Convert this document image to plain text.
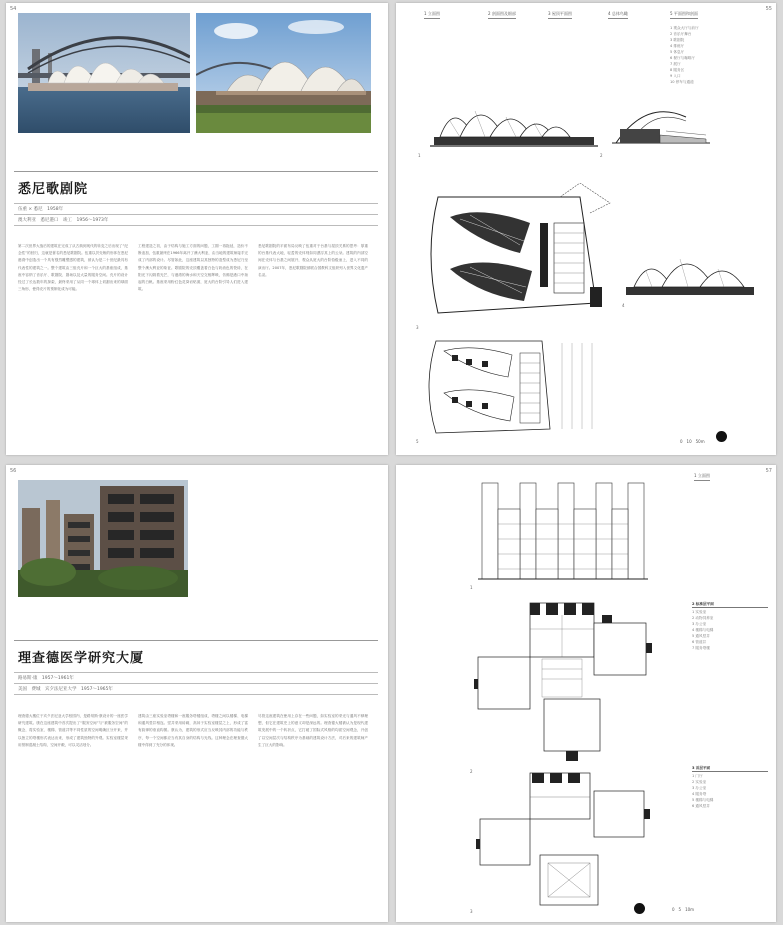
54
悉尼歌剧院
伍重 × 悉尼　1958年
澳大利亚　悉尼港口　竣工　1956～1973年
第二次世界大战后的建筑在完成了从古典到现代的转变之后出现了“纪念性”的回归，这就是著名的悉尼歌剧院。伍重以贝壳般的形体在悉尼港湾中创造出一个具有强烈雕塑感的建筑，被认为是二十世纪最具有代表性的建筑之一。整个建筑由三组壳片和一个巨大的基座组成，基座中容纳了音乐厅、歌剧院、剧场以及大量的服务空间。壳片的设计经过了长达数年的探索，最终采用了从同一个球体上切割出来的球面三角形，使得壳片的预制化成为可能。
工程建造之初，由于结构与施工方面的问题，工期一再拖延，造价不断追加，伍重最终在1966年离开了澳大利亚，由当地的建筑师接手完成了内部的设计。尽管如此，这座建筑以其独特的造型成为悉尼乃至整个澳大利亚的象征。歌剧院的壳顶覆盖着白色与奶油色的瓷砖，在阳光下闪烁着光芒，与港湾的海水和天空交相辉映，仿佛是港口中扬起的白帆。基座采用粉红色花岗岩贴面，宽大的台阶引导人们进入建筑。
悉尼歌剧院的平面布局反映了伍重对于台基与屋顶关系的思考：厚重的台基代表大地，轻盈的壳体则如同漂浮其上的云朵。建筑的内部空间在壳体与台基之间展开，观众从宽大的台阶拾级而上，进入不同的演出厅。2007年，悉尼歌剧院被联合国教科文组织列入世界文化遗产名录。
1 立面图	2 剖面图及细部	3 屋顶平面图	4 总体鸟瞰	5 平面图和剖面
1 观众大厅与前厅
2 音乐厅舞台
3 歌剧院
4 排练厅
5 休息厅
6 餐厅与咖啡厅
7 展厅
8 服务区
9 入口
10 停车与通道
1	2
3
4
5	0　10　50m
55
56
理查德医学研究大厦
路易斯·康　1957～1961年
美国　费城　宾夕法尼亚大学　1957～1965年
理查德大楼位于宾夕法尼亚大学校园内，是路易斯·康设计的一座医学研究建筑。康在这座建筑中首次提出了“服务空间”与“被服务空间”的概念，将实验室、楼梯、管道井等不同性质的空间明确区分开来，并以独立的塔楼形式表达出来，形成了建筑独特的外观。实验室楼层采用预制混凝土结构，空间开敞，可以灵活划分。
建筑由三座实验室塔楼和一座服务塔楼组成，塔楼之间以楼梯、电梯和通风竖井相连。竖井采用砖砌，高耸于实验室楼层之上，形成了富有韵律的垂直构图。康认为，建筑的形式应当反映其内部的功能与秩序，每一个空间都应当有其自身的结构与光线。这种理念在理查德大楼中得到了充分的体现。
尽管这座建筑在使用上存在一些问题，如实验室的采光与通风不够理想，但它在建筑史上的意义却是深远的。理查德大楼被认为是现代建筑发展中的一个转折点，它打破了国际式风格的均质空间观念，开创了以空间层次与结构秩序为基础的建筑设计方法，对后来的建筑师产生了巨大的影响。
1 立面图
2 标准层平面
1 实验室
2 动物饲养室
3 办公室
4 楼梯与电梯
5 通风竖井
6 管道井
7 服务塔楼
2
3 首层平面
1 门厅
2 实验室
3 办公室
4 服务塔
5 楼梯与电梯
6 通风竖井
3
1
0　5　10m
57
